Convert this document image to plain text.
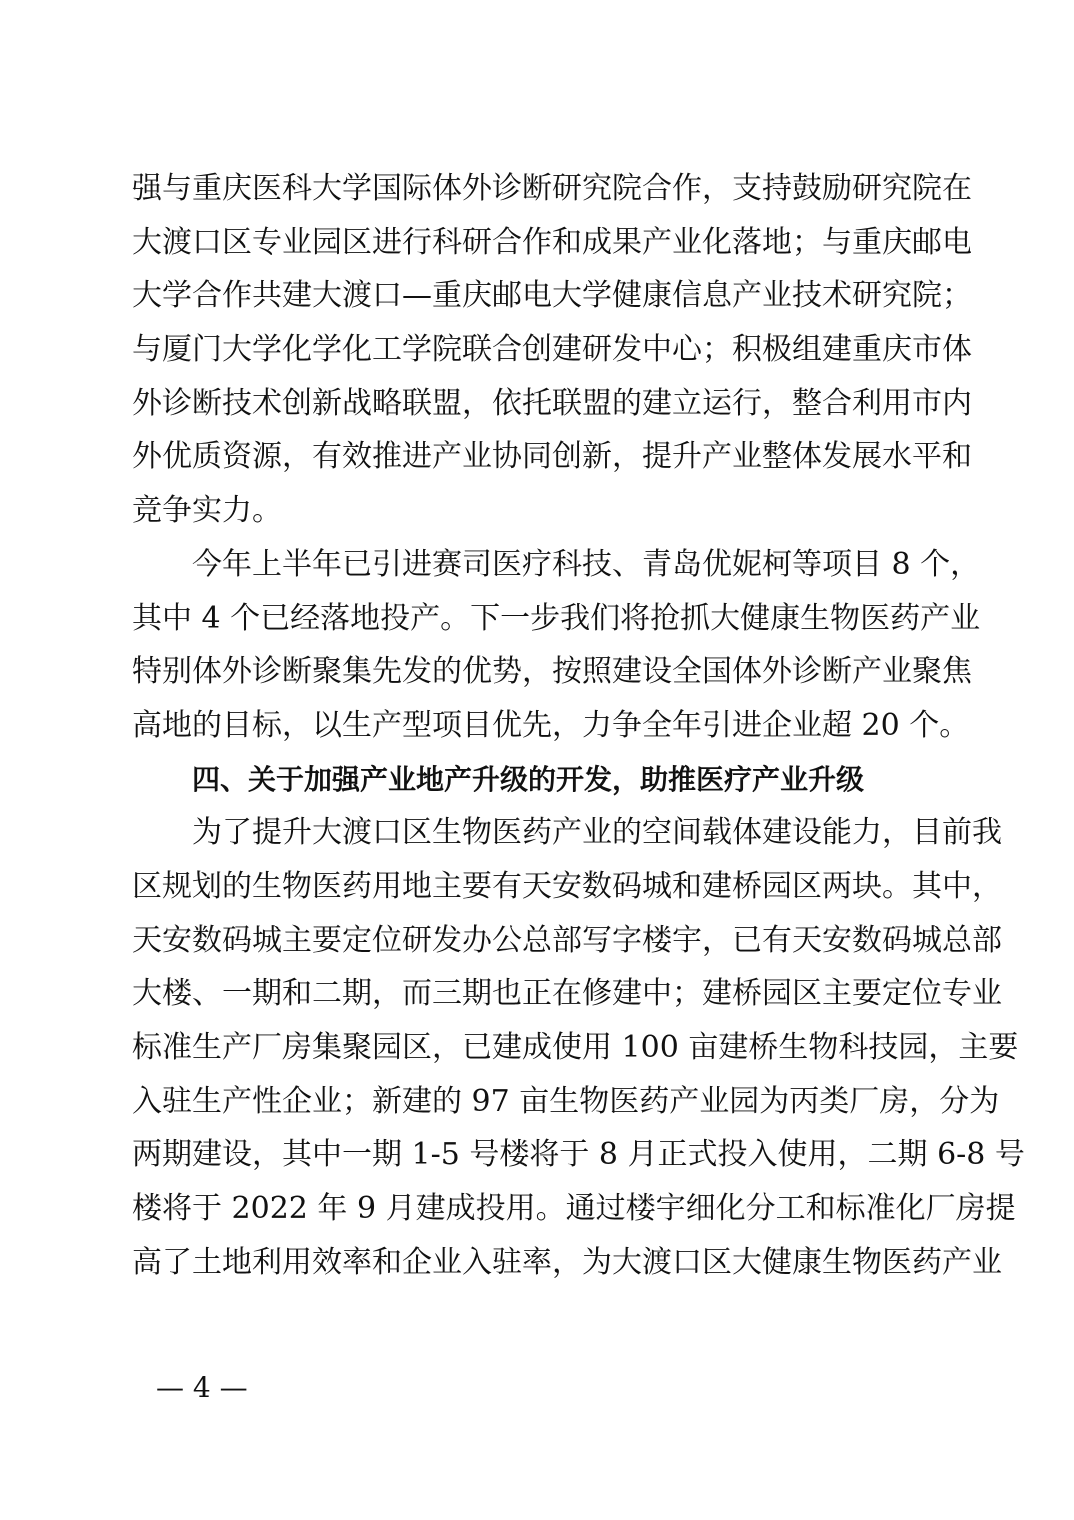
强与重庆医科大学国际体外诊断研究院合作，支持鼓励研究院在
大渡口区专业园区进行科研合作和成果产业化落地；与重庆邮电
大学合作共建大渡口—重庆邮电大学健康信息产业技术研究院；
与厦门大学化学化工学院联合创建研发中心；积极组建重庆市体
外诊断技术创新战略联盟，依托联盟的建立运行，整合利用市内
外优质资源，有效推进产业协同创新，提升产业整体发展水平和
竞争实力。
今年上半年已引进赛司医疗科技、青岛优妮柯等项目 8 个，
其中 4 个已经落地投产。下一步我们将抢抓大健康生物医药产业
特别体外诊断聚集先发的优势，按照建设全国体外诊断产业聚焦
高地的目标，以生产型项目优先，力争全年引进企业超 20 个。
四、关于加强产业地产升级的开发，助推医疗产业升级
为了提升大渡口区生物医药产业的空间载体建设能力，目前我
区规划的生物医药用地主要有天安数码城和建桥园区两块。其中，
天安数码城主要定位研发办公总部写字楼宇，已有天安数码城总部
大楼、一期和二期，而三期也正在修建中；建桥园区主要定位专业
标准生产厂房集聚园区，已建成使用 100 亩建桥生物科技园，主要
入驻生产性企业；新建的 97 亩生物医药产业园为丙类厂房，分为
两期建设，其中一期 1-5 号楼将于 8 月正式投入使用，二期 6-8 号
楼将于 2022 年 9 月建成投用。通过楼宇细化分工和标准化厂房提
高了土地利用效率和企业入驻率，为大渡口区大健康生物医药产业
— 4 —
